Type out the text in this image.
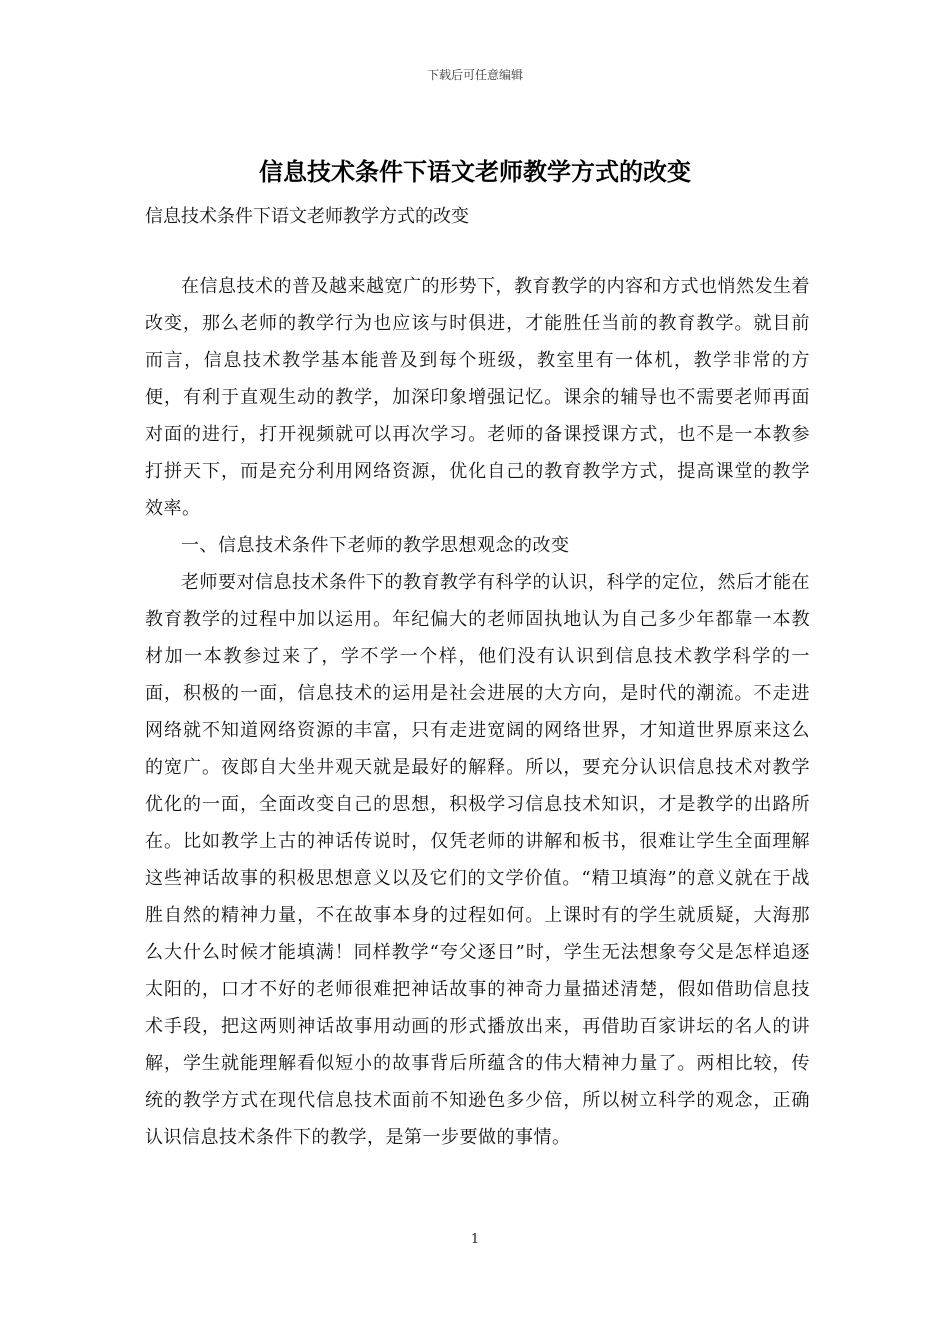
下载后可任意编辑
信息技术条件下语文老师教学方式的改变
信息技术条件下语文老师教学方式的改变

在信息技术的普及越来越宽广的形势下，教育教学的内容和方式也悄然发生着改变，那么老师的教学行为也应该与时俱进，才能胜任当前的教育教学。就目前而言，信息技术教学基本能普及到每个班级，教室里有一体机，教学非常的方便，有利于直观生动的教学，加深印象增强记忆。课余的辅导也不需要老师再面对面的进行，打开视频就可以再次学习。老师的备课授课方式，也不是一本教参打拼天下，而是充分利用网络资源，优化自己的教育教学方式，提高课堂的教学效率。

一、信息技术条件下老师的教学思想观念的改变

老师要对信息技术条件下的教育教学有科学的认识，科学的定位，然后才能在教育教学的过程中加以运用。年纪偏大的老师固执地认为自己多少年都靠一本教材加一本教参过来了，学不学一个样，他们没有认识到信息技术教学科学的一面，积极的一面，信息技术的运用是社会进展的大方向，是时代的潮流。不走进网络就不知道网络资源的丰富，只有走进宽阔的网络世界，才知道世界原来这么的宽广。夜郎自大坐井观天就是最好的解释。所以，要充分认识信息技术对教学优化的一面，全面改变自己的思想，积极学习信息技术知识，才是教学的出路所在。比如教学上古的神话传说时，仅凭老师的讲解和板书，很难让学生全面理解这些神话故事的积极思想意义以及它们的文学价值。“精卫填海”的意义就在于战胜自然的精神力量，不在故事本身的过程如何。上课时有的学生就质疑，大海那么大什么时候才能填满！同样教学“夸父逐日”时，学生无法想象夸父是怎样追逐太阳的，口才不好的老师很难把神话故事的神奇力量描述清楚，假如借助信息技术手段，把这两则神话故事用动画的形式播放出来，再借助百家讲坛的名人的讲解，学生就能理解看似短小的故事背后所蕴含的伟大精神力量了。两相比较，传统的教学方式在现代信息技术面前不知逊色多少倍，所以树立科学的观念，正确认识信息技术条件下的教学，是第一步要做的事情。

1
